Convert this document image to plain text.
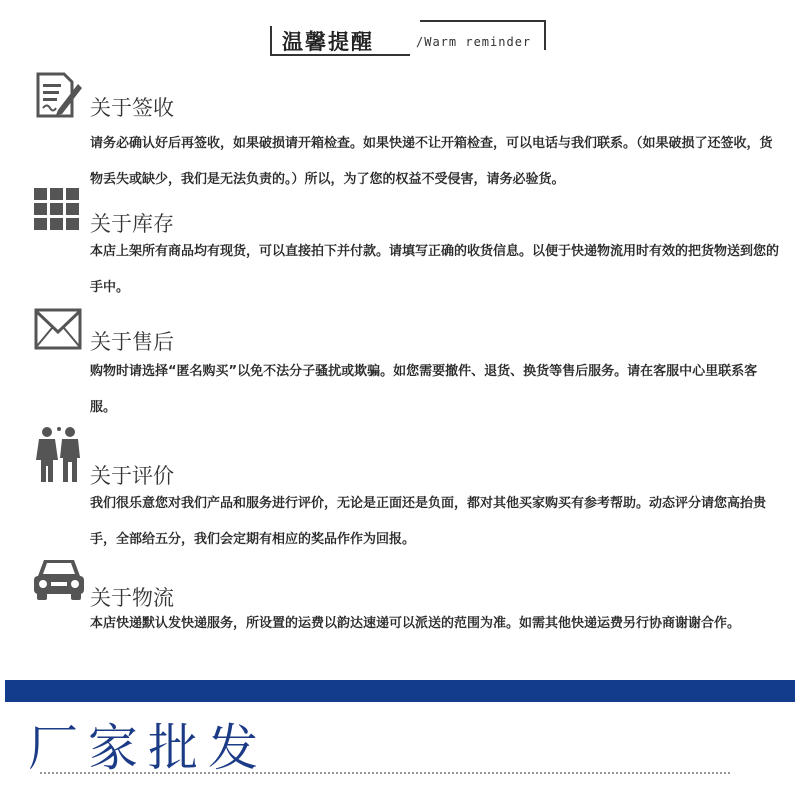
温馨提醒	/Warm reminder
关于签收
请务必确认好后再签收，如果破损请开箱检查。如果快递不让开箱检查，可以电话与我们联系。（如果破损了还签收，货物丢失或缺少，我们是无法负责的。）所以，为了您的权益不受侵害，请务必验货。
关于库存
本店上架所有商品均有现货，可以直接拍下并付款。请填写正确的收货信息。以便于快递物流用时有效的把货物送到您的手中。
关于售后
购物时请选择“匿名购买”以免不法分子骚扰或欺骗。如您需要撤件、退货、换货等售后服务。请在客服中心里联系客服。
关于评价
我们很乐意您对我们产品和服务进行评价，无论是正面还是负面，都对其他买家购买有参考帮助。动态评分请您高抬贵手，全部给五分，我们会定期有相应的奖品作作为回报。
关于物流
本店快递默认发快递服务，所设置的运费以韵达速递可以派送的范围为准。如需其他快递运费另行协商谢谢合作。
厂家批发
